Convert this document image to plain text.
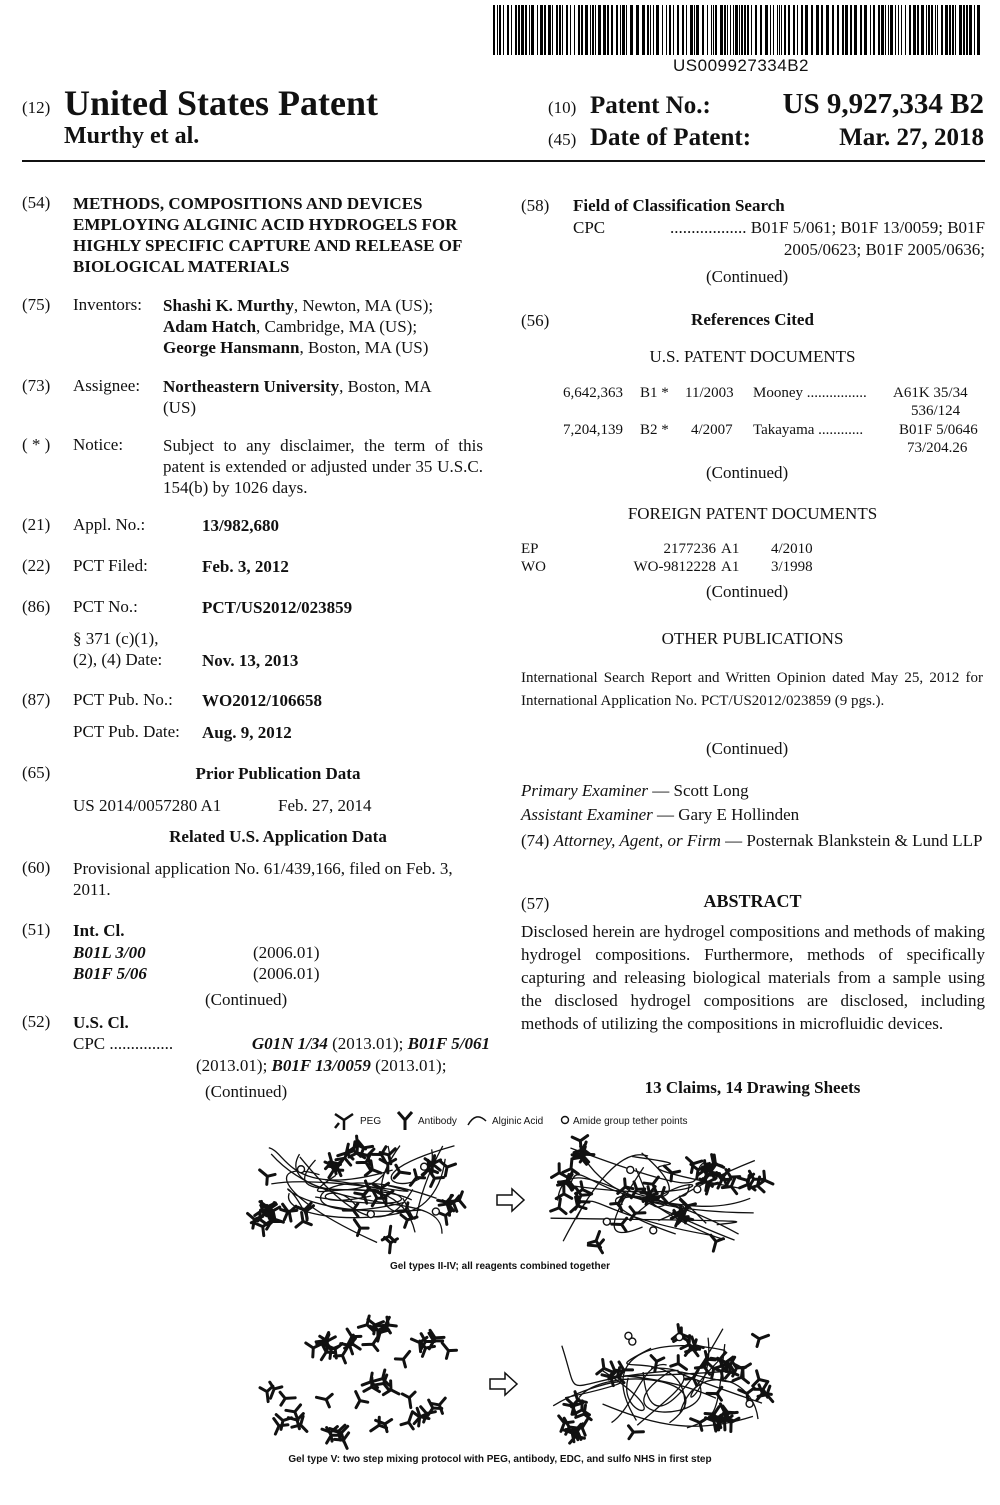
US009927334B2
(12) United States Patent
Murthy et al.
(10) Patent No.: US 9,927,334 B2
(45) Date of Patent:	Mar. 27, 2018
(54) METHODS, COMPOSITIONS AND DEVICES EMPLOYING ALGINIC ACID HYDROGELS FOR HIGHLY SPECIFIC CAPTURE AND RELEASE OF BIOLOGICAL MATERIALS
(75) Inventors: Shashi K. Murthy, Newton, MA (US);
Adam Hatch, Cambridge, MA (US);
George Hansmann, Boston, MA (US)
(73) Assignee: Northeastern University, Boston, MA
(US)
( * ) Notice: Subject to any disclaimer, the term of this patent is extended or adjusted under 35 U.S.C. 154(b) by 1026 days.
(21) Appl. No.:	13/982,680
(22) PCT Filed:	Feb. 3, 2012
(86) PCT No.:	PCT/US2012/023859
§ 371 (c)(1),
(2), (4) Date: Nov. 13, 2013
(87) PCT Pub. No.: WO2012/106658
PCT Pub. Date: Aug. 9, 2012
(65)	Prior Publication Data
US 2014/0057280 A1	Feb. 27, 2014
Related U.S. Application Data
(60) Provisional application No. 61/439,166, filed on Feb. 3, 2011.
(51) Int. Cl.
B01L 3/00	(2006.01)
B01F 5/06	(2006.01)
(Continued)
(52) U.S. Cl.
CPC ...............	G01N 1/34 (2013.01); B01F 5/061
(2013.01); B01F 13/0059 (2013.01);
(Continued)
(58) Field of Classification Search
CPC	.................. B01F 5/061; B01F 13/0059; B01F
2005/0623; B01F 2005/0636;
(Continued)
(56)	References Cited
U.S. PATENT DOCUMENTS
6,642,363 B1 * 11/2003 Mooney ................ A61K 35/34
536/124
7,204,139 B2 * 4/2007 Takayama ............ B01F 5/0646
73/204.26
(Continued)
FOREIGN PATENT DOCUMENTS
EP	2177236 A1 4/2010
WO	WO-9812228 A1 3/1998
(Continued)
OTHER PUBLICATIONS
International Search Report and Written Opinion dated May 25, 2012 for International Application No. PCT/US2012/023859 (9 pgs.).
(Continued)
Primary Examiner — Scott Long
Assistant Examiner — Gary E Hollinden
(74) Attorney, Agent, or Firm — Posternak Blankstein & Lund LLP
(57)	ABSTRACT
Disclosed herein are hydrogel compositions and methods of making hydrogel compositions. Furthermore, methods of specifically capturing and releasing biological materials from a sample using the disclosed hydrogel compositions are disclosed, including methods of utilizing the compositions in microfluidic devices.
13 Claims, 14 Drawing Sheets
PEG	Antibody	Alginic Acid	Amide group tether points
Gel types II-IV; all reagents combined together
Gel type V: two step mixing protocol with PEG, antibody, EDC, and sulfo NHS in first step
